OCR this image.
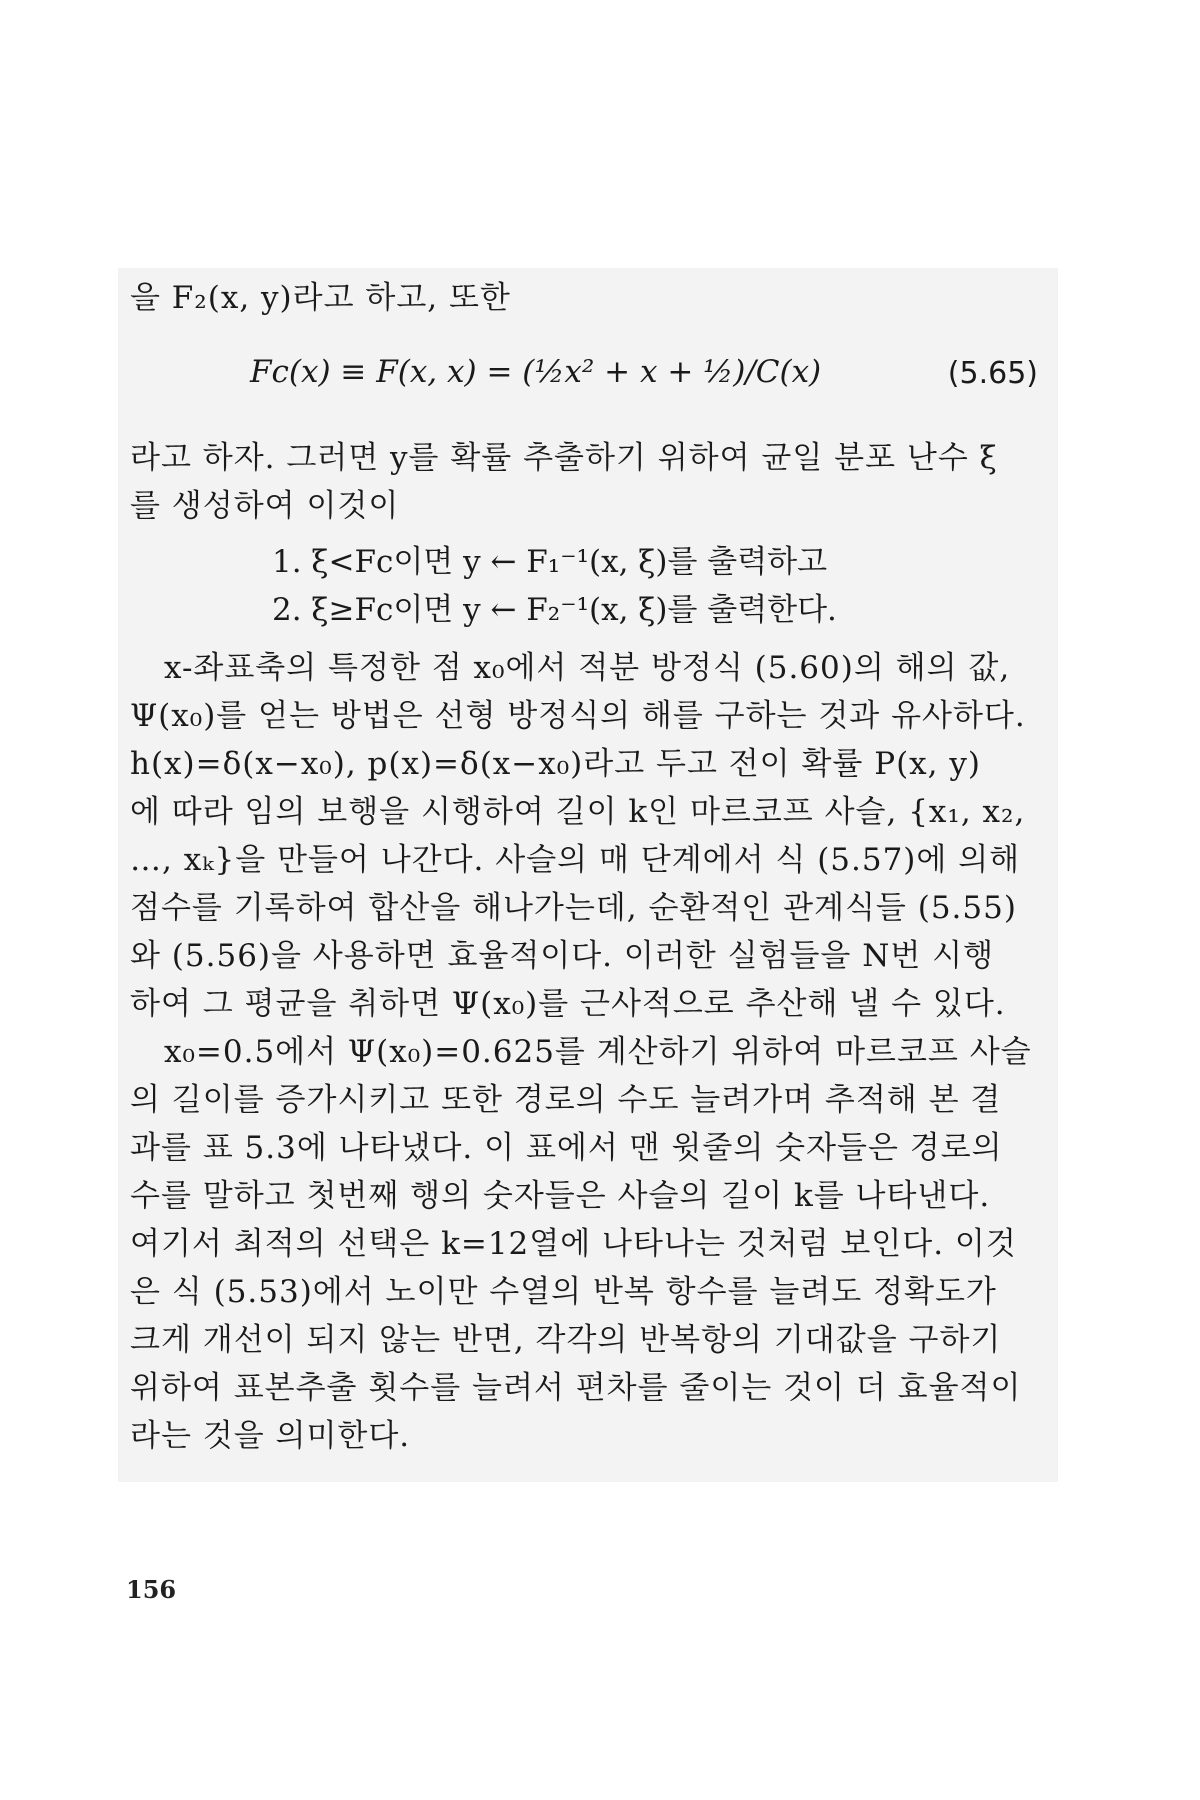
을 F₂(x, y)라고 하고, 또한
Fc(x) ≡ F(x, x) = (½x² + x + ½)/C(x)	(5.65)
라고 하자. 그러면 y를 확률 추출하기 위하여 균일 분포 난수 ξ
를 생성하여 이것이
1. ξ<Fc이면 y ← F₁⁻¹(x, ξ)를 출력하고
2. ξ≥Fc이면 y ← F₂⁻¹(x, ξ)를 출력한다.
x-좌표축의 특정한 점 x₀에서 적분 방정식 (5.60)의 해의 값,
Ψ(x₀)를 얻는 방법은 선형 방정식의 해를 구하는 것과 유사하다.
h(x)=δ(x−x₀), p(x)=δ(x−x₀)라고 두고 전이 확률 P(x, y)
에 따라 임의 보행을 시행하여 길이 k인 마르코프 사슬, {x₁, x₂,
…, xₖ}을 만들어 나간다. 사슬의 매 단계에서 식 (5.57)에 의해
점수를 기록하여 합산을 해나가는데, 순환적인 관계식들 (5.55)
와 (5.56)을 사용하면 효율적이다. 이러한 실험들을 N번 시행
하여 그 평균을 취하면 Ψ(x₀)를 근사적으로 추산해 낼 수 있다.
x₀=0.5에서 Ψ(x₀)=0.625를 계산하기 위하여 마르코프 사슬
의 길이를 증가시키고 또한 경로의 수도 늘려가며 추적해 본 결
과를 표 5.3에 나타냈다. 이 표에서 맨 윗줄의 숫자들은 경로의
수를 말하고 첫번째 행의 숫자들은 사슬의 길이 k를 나타낸다.
여기서 최적의 선택은 k=12열에 나타나는 것처럼 보인다. 이것
은 식 (5.53)에서 노이만 수열의 반복 항수를 늘려도 정확도가
크게 개선이 되지 않는 반면, 각각의 반복항의 기대값을 구하기
위하여 표본추출 횟수를 늘려서 편차를 줄이는 것이 더 효율적이
라는 것을 의미한다.
156
